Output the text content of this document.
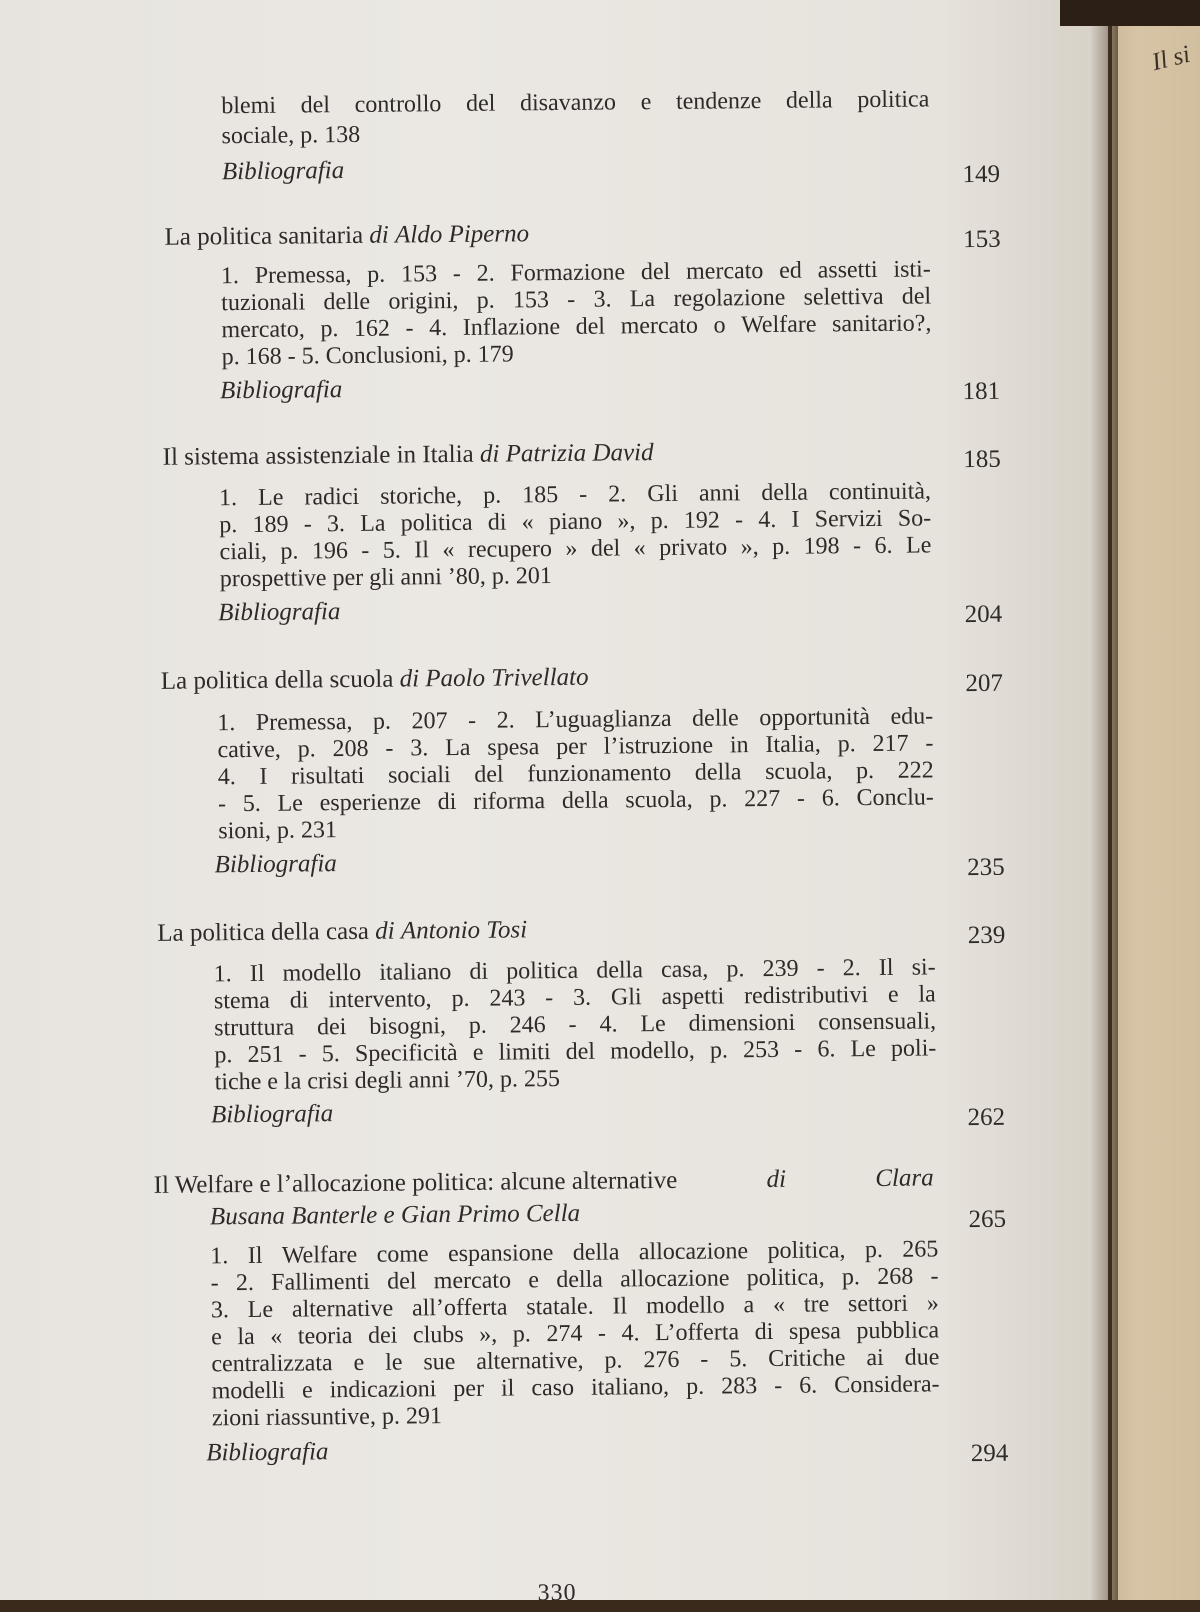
Il si
blemi del controllo del disavanzo e tendenze della politica
sociale, p. 138
Bibliografia	149
La politica sanitaria di Aldo Piperno	153
1. Premessa, p. 153 - 2. Formazione del mercato ed assetti isti-
tuzionali delle origini, p. 153 - 3. La regolazione selettiva del
mercato, p. 162 - 4. Inflazione del mercato o Welfare sanitario?,
p. 168 - 5. Conclusioni, p. 179
Bibliografia	181
Il sistema assistenziale in Italia di Patrizia David	185
1. Le radici storiche, p. 185 - 2. Gli anni della continuità,
p. 189 - 3. La politica di « piano », p. 192 - 4. I Servizi So-
ciali, p. 196 - 5. Il « recupero » del « privato », p. 198 - 6. Le
prospettive per gli anni ’80, p. 201
Bibliografia	204
La politica della scuola di Paolo Trivellato	207
1. Premessa, p. 207 - 2. L’uguaglianza delle opportunità edu-
cative, p. 208 - 3. La spesa per l’istruzione in Italia, p. 217 -
4. I risultati sociali del funzionamento della scuola, p. 222
- 5. Le esperienze di riforma della scuola, p. 227 - 6. Conclu-
sioni, p. 231
Bibliografia	235
La politica della casa di Antonio Tosi	239
1. Il modello italiano di politica della casa, p. 239 - 2. Il si-
stema di intervento, p. 243 - 3. Gli aspetti redistributivi e la
struttura dei bisogni, p. 246 - 4. Le dimensioni consensuali,
p. 251 - 5. Specificità e limiti del modello, p. 253 - 6. Le poli-
tiche e la crisi degli anni ’70, p. 255
Bibliografia	262
Il Welfare e l’allocazione politica: alcune alternative	di	Clara
Busana Banterle e Gian Primo Cella	265
1. Il Welfare come espansione della allocazione politica, p. 265
- 2. Fallimenti del mercato e della allocazione politica, p. 268 -
3. Le alternative all’offerta statale. Il modello a « tre settori »
e la « teoria dei clubs », p. 274 - 4. L’offerta di spesa pubblica
centralizzata e le sue alternative, p. 276 - 5. Critiche ai due
modelli e indicazioni per il caso italiano, p. 283 - 6. Considera-
zioni riassuntive, p. 291
Bibliografia	294
330
